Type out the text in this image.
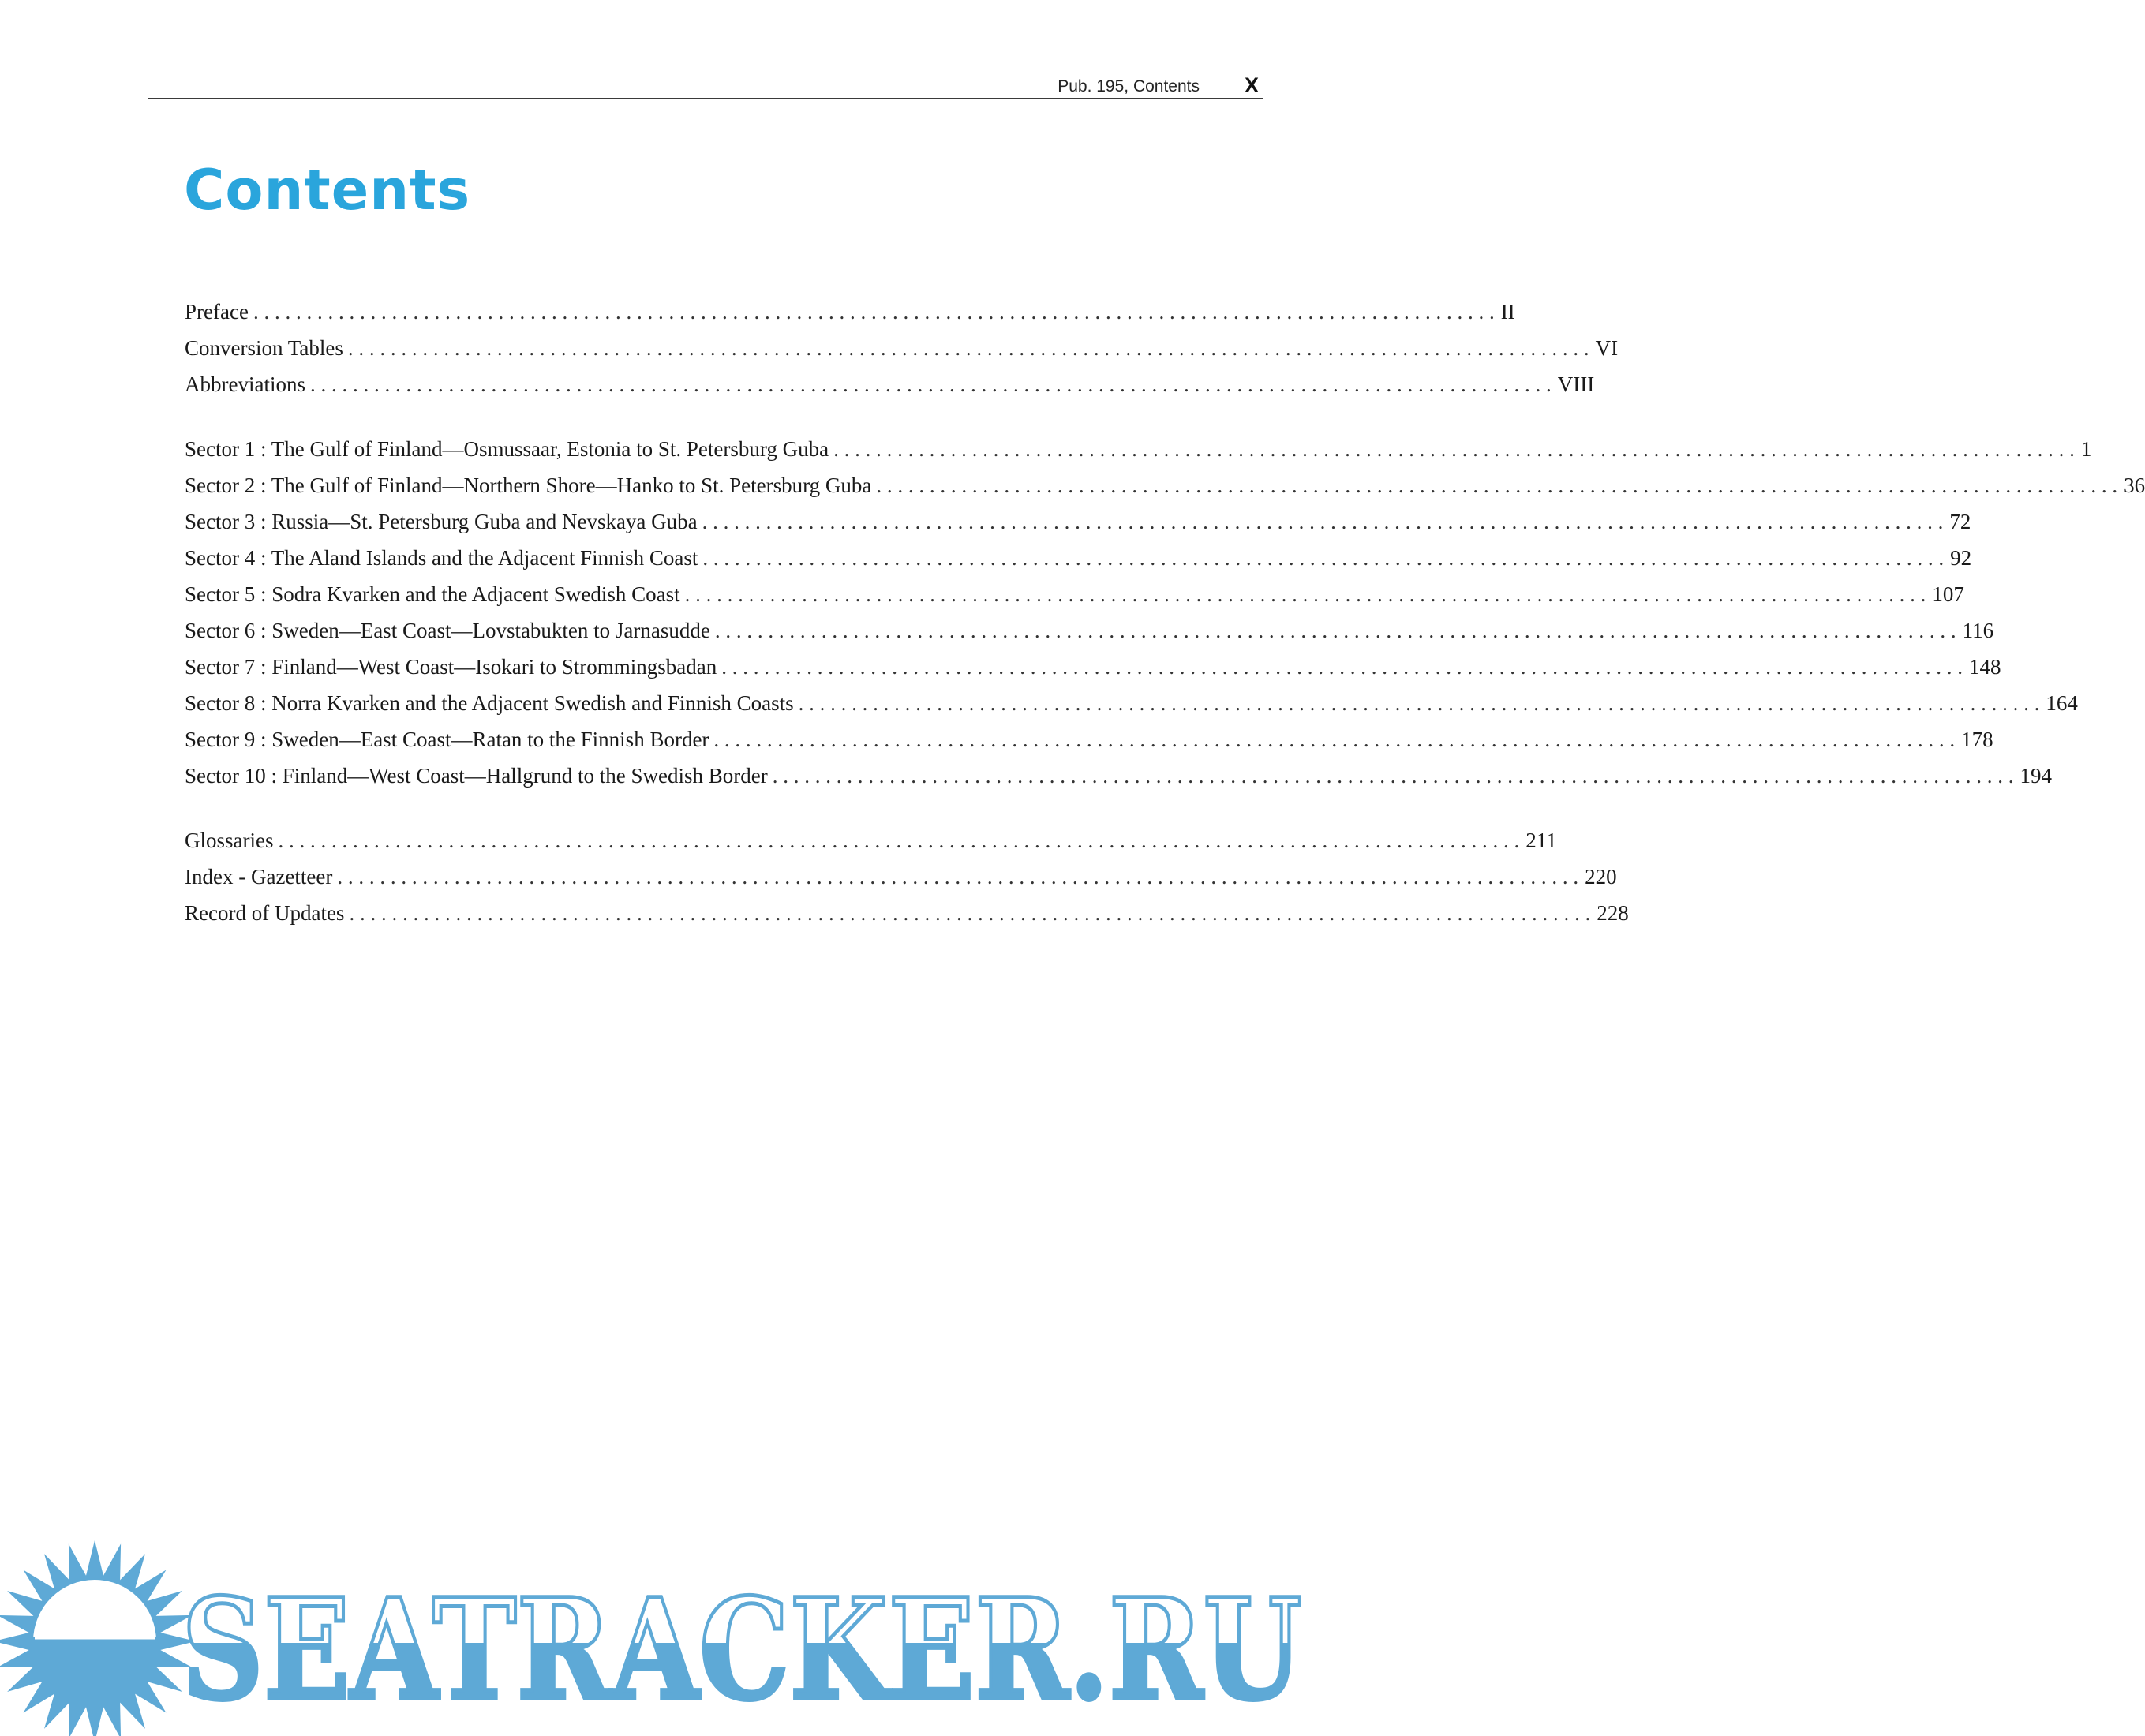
Pub. 195, Contents X
Contents
Preface . . .	II
Conversion Tables . . .	VI
Abbreviations . . .	VIII
Sector 1 : The Gulf of Finland—Osmussaar, Estonia to St. Petersburg Guba . . .	1
Sector 2 : The Gulf of Finland—Northern Shore—Hanko to St. Petersburg Guba . . .	36
Sector 3 : Russia—St. Petersburg Guba and Nevskaya Guba . . .	72
Sector 4 : The Aland Islands and the Adjacent Finnish Coast . . .	92
Sector 5 : Sodra Kvarken and the Adjacent Swedish Coast . . .	107
Sector 6 : Sweden—East Coast—Lovstabukten to Jarnasudde . . .	116
Sector 7 : Finland—West Coast—Isokari to Strommingsbadan . . .	148
Sector 8 : Norra Kvarken and the Adjacent Swedish and Finnish Coasts . . .	164
Sector 9 : Sweden—East Coast—Ratan to the Finnish Border . . .	178
Sector 10 : Finland—West Coast—Hallgrund to the Swedish Border . . .	194
Glossaries . . .	211
Index - Gazetteer . . .	220
Record of Updates . . .	228
SEATRACKER.RU
